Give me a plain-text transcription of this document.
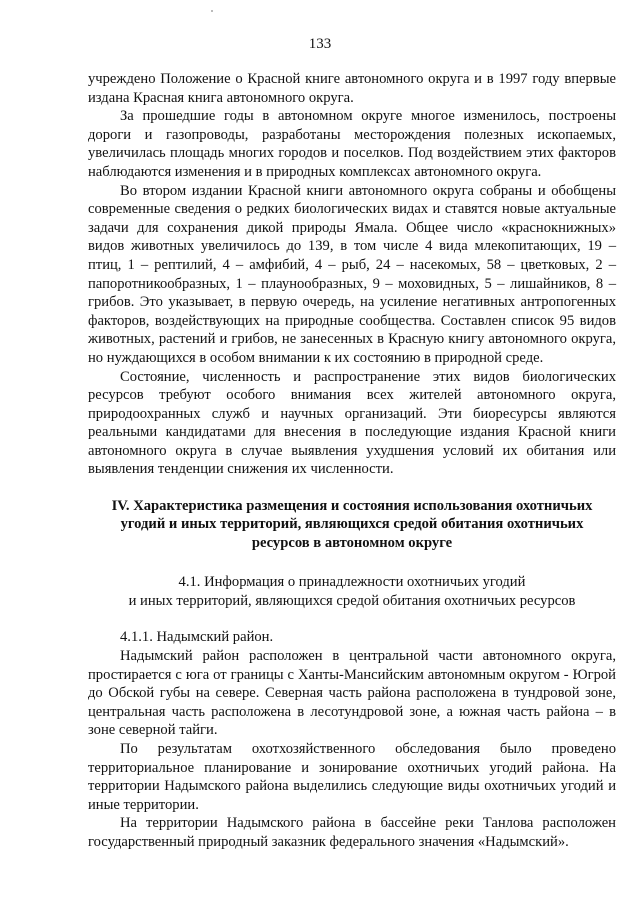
133

учреждено Положение о Красной книге автономного округа и в 1997 году впервые издана Красная книга автономного округа.

За прошедшие годы в автономном округе многое изменилось, построены дороги и газопроводы, разработаны месторождения полезных ископаемых, увеличилась площадь многих городов и поселков. Под воздействием этих факторов наблюдаются изменения и в природных комплексах автономного округа.

Во втором издании Красной книги автономного округа собраны и обобщены современные сведения о редких биологических видах и ставятся новые актуальные задачи для сохранения дикой природы Ямала. Общее число «краснокнижных» видов животных увеличилось до 139, в том числе 4 вида млекопитающих, 19 – птиц, 1 – рептилий, 4 – амфибий, 4 – рыб, 24 – насекомых, 58 – цветковых, 2 – папоротникообразных, 1 – плаунообразных, 9 – моховидных, 5 – лишайников, 8 – грибов. Это указывает, в первую очередь, на усиление негативных антропогенных факторов, воздействующих на природные сообщества. Составлен список 95 видов животных, растений и грибов, не занесенных в Красную книгу автономного округа, но нуждающихся в особом внимании к их состоянию в природной среде.

Состояние, численность и распространение этих видов биологических ресурсов требуют особого внимания всех жителей автономного округа, природоохранных служб и научных организаций. Эти биоресурсы являются реальными кандидатами для внесения в последующие издания Красной книги автономного округа в случае выявления ухудшения условий их обитания или выявления тенденции снижения их численности.

IV. Характеристика размещения и состояния использования охотничьих угодий и иных территорий, являющихся средой обитания охотничьих ресурсов в автономном округе

4.1. Информация о принадлежности охотничьих угодий
и иных территорий, являющихся средой обитания охотничьих ресурсов

4.1.1. Надымский район.

Надымский район расположен в центральной части автономного округа, простирается с юга от границы с Ханты-Мансийским автономным округом - Югрой до Обской губы на севере. Северная часть района расположена в тундровой зоне, центральная часть расположена в лесотундровой зоне, а южная часть района – в зоне северной тайги.

По результатам охотхозяйственного обследования было проведено территориальное планирование и зонирование охотничьих угодий района. На территории Надымского района выделились следующие виды охотничьих угодий и иные территории.

На территории Надымского района в бассейне реки Танлова расположен государственный природный заказник федерального значения «Надымский».
